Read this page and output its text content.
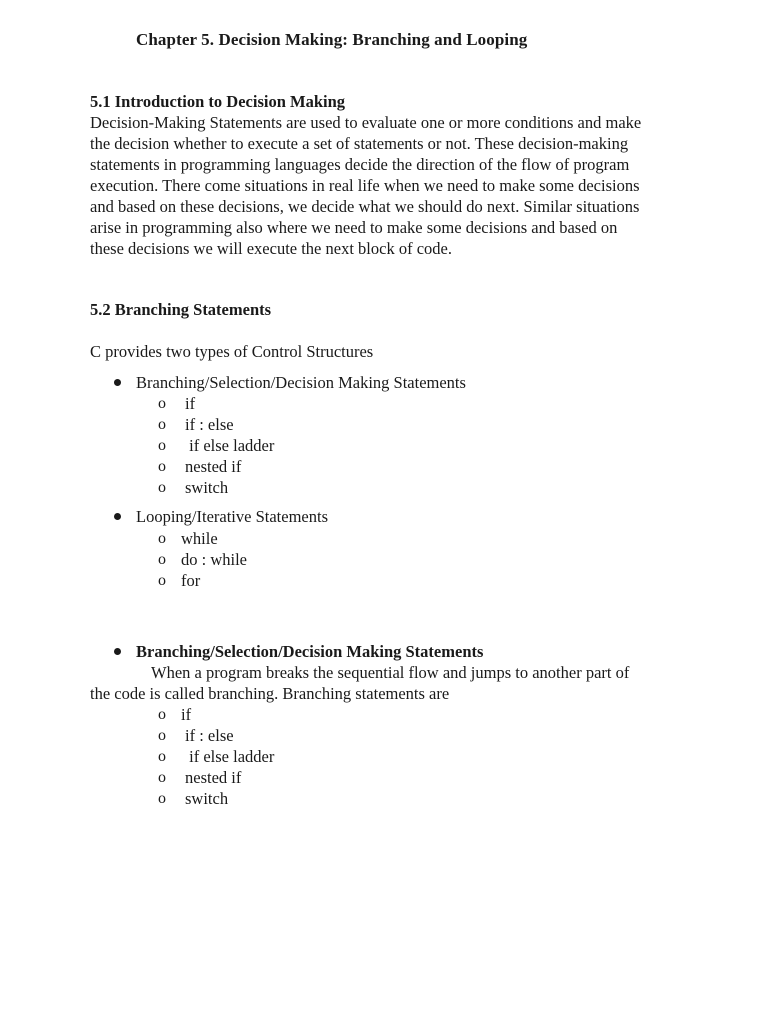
Chapter 5. Decision Making: Branching and Looping
5.1 Introduction to Decision Making
Decision-Making Statements are used to evaluate one or more conditions and make
the decision whether to execute a set of statements or not. These decision-making
statements in programming languages decide the direction of the flow of program
execution. There come situations in real life when we need to make some decisions
and based on these decisions, we decide what we should do next. Similar situations
arise in programming also where we need to make some decisions and based on
these decisions we will execute the next block of code.
5.2 Branching Statements
C provides two types of Control Structures
Branching/Selection/Decision Making Statements
o if
o if : else
o if else ladder
o nested if
o switch
Looping/Iterative Statements
o while
o do : while
o for
Branching/Selection/Decision Making Statements
When a program breaks the sequential flow and jumps to another part of
the code is called branching. Branching statements are
o if
o if : else
o if else ladder
o nested if
o switch
